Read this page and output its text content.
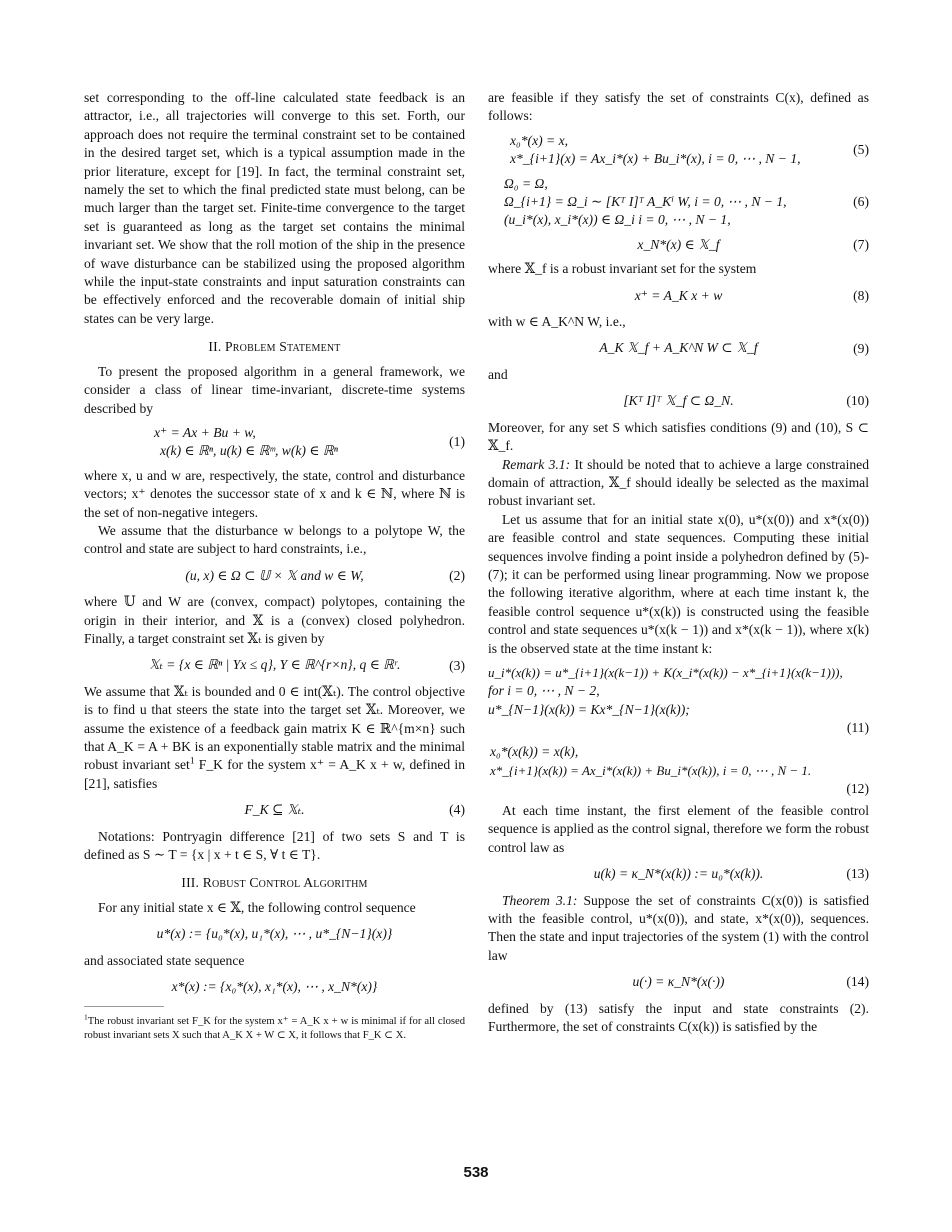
set corresponding to the off-line calculated state feedback is an attractor, i.e., all trajectories will converge to this set. Forth, our approach does not require the terminal constraint set to be contained in the desired target set, which is a typical assumption made in the prior literature, except for [19]. In fact, the terminal constraint set, namely the set to which the final predicted state must belong, can be much larger than the target set. Finite-time convergence to the target set is guaranteed as long as the target set contains the minimal invariant set. We show that the roll motion of the ship in the presence of wave disturbance can be stabilized using the proposed algorithm while the input-state constraints and input saturation constraints can be effectively enforced and the recoverable domain of initial ship states can be very large.

II. Problem Statement

To present the proposed algorithm in a general framework, we consider a class of linear time-invariant, discrete-time systems described by

x⁺ = Ax + Bu + w,
x(k) ∈ ℝⁿ, u(k) ∈ ℝᵐ, w(k) ∈ ℝⁿ
(1)

where x, u and w are, respectively, the state, control and disturbance vectors; x⁺ denotes the successor state of x and k ∈ ℕ, where ℕ is the set of non-negative integers.

We assume that the disturbance w belongs to a polytope W, the control and state are subject to hard constraints, i.e.,

(u, x) ∈ Ω ⊂ 𝕌 × 𝕏 and w ∈ W,	(2)

where 𝕌 and W are (convex, compact) polytopes, containing the origin in their interior, and 𝕏 is a (convex) closed polyhedron. Finally, a target constraint set 𝕏ₜ is given by

𝕏ₜ = {x ∈ ℝⁿ | Yx ≤ q}, Y ∈ ℝ^{r×n}, q ∈ ℝʳ.	(3)

We assume that 𝕏ₜ is bounded and 0 ∈ int(𝕏ₜ). The control objective is to find u that steers the state into the target set 𝕏ₜ. Moreover, we assume the existence of a feedback gain matrix K ∈ ℝ^{m×n} such that A_K = A + BK is an exponentially stable matrix and the minimal robust invariant set$^1$ F_K for the system x⁺ = A_K x + w, defined in [21], satisfies

F_K ⊆ 𝕏ₜ.	(4)

Notations: Pontryagin difference [21] of two sets S and T is defined as S ∼ T = {x | x + t ∈ S, ∀ t ∈ T}.

III. Robust Control Algorithm

For any initial state x ∈ 𝕏, the following control sequence

u*(x) := {u₀*(x), u₁*(x), ⋯ , u*_{N−1}(x)}

and associated state sequence

x*(x) := {x₀*(x), x₁*(x), ⋯ , x_N*(x)}
$^1$The robust invariant set F_K for the system x⁺ = A_K x + w is minimal if for all closed robust invariant sets X such that A_K X + W ⊂ X, it follows that F_K ⊂ X.

are feasible if they satisfy the set of constraints C(x), defined as follows:

x₀*(x) = x,
x*_{i+1}(x) = Ax_i*(x) + Bu_i*(x), i = 0, ⋯ , N − 1,
(5)
Ω₀ = Ω,
Ω_{i+1} = Ω_i ∼ [Kᵀ I]ᵀ A_Kⁱ W, i = 0, ⋯ , N − 1,
(u_i*(x), x_i*(x)) ∈ Ω_i i = 0, ⋯ , N − 1,
(6)
x_N*(x) ∈ 𝕏_f	(7)

where 𝕏_f is a robust invariant set for the system

x⁺ = A_K x + w	(8)

with w ∈ A_K^N W, i.e.,

A_K 𝕏_f + A_K^N W ⊂ 𝕏_f	(9)

and

[Kᵀ I]ᵀ 𝕏_f ⊂ Ω_N.	(10)

Moreover, for any set S which satisfies conditions (9) and (10), S ⊂ 𝕏_f.

Remark 3.1: It should be noted that to achieve a large constrained domain of attraction, 𝕏_f should ideally be selected as the maximal robust invariant set.

Let us assume that for an initial state x(0), u*(x(0)) and x*(x(0)) are feasible control and state sequences. Computing these initial sequences involve finding a point inside a polyhedron defined by (5)-(7); it can be performed using linear programming. Now we propose the following iterative algorithm, where at each time instant k, the feasible control sequence u*(x(k)) is constructed using the feasible control and state sequences u*(x(k − 1)) and x*(x(k − 1)), where x(k) is the observed state at the time instant k:

u_i*(x(k)) = u*_{i+1}(x(k−1)) + K(x_i*(x(k)) − x*_{i+1}(x(k−1))),
for i = 0, ⋯ , N − 2,
u*_{N−1}(x(k)) = Kx*_{N−1}(x(k));
(11)
x₀*(x(k)) = x(k),
x*_{i+1}(x(k)) = Ax_i*(x(k)) + Bu_i*(x(k)), i = 0, ⋯ , N − 1.
(12)

At each time instant, the first element of the feasible control sequence is applied as the control signal, therefore we form the robust control law as

u(k) = κ_N*(x(k)) := u₀*(x(k)).	(13)

Theorem 3.1: Suppose the set of constraints C(x(0)) is satisfied with the feasible control, u*(x(0)), and state, x*(x(0)), sequences. Then the state and input trajectories of the system (1) with the control law

u(·) = κ_N*(x(·))	(14)

defined by (13) satisfy the input and state constraints (2). Furthermore, the set of constraints C(x(k)) is satisfied by the

538
